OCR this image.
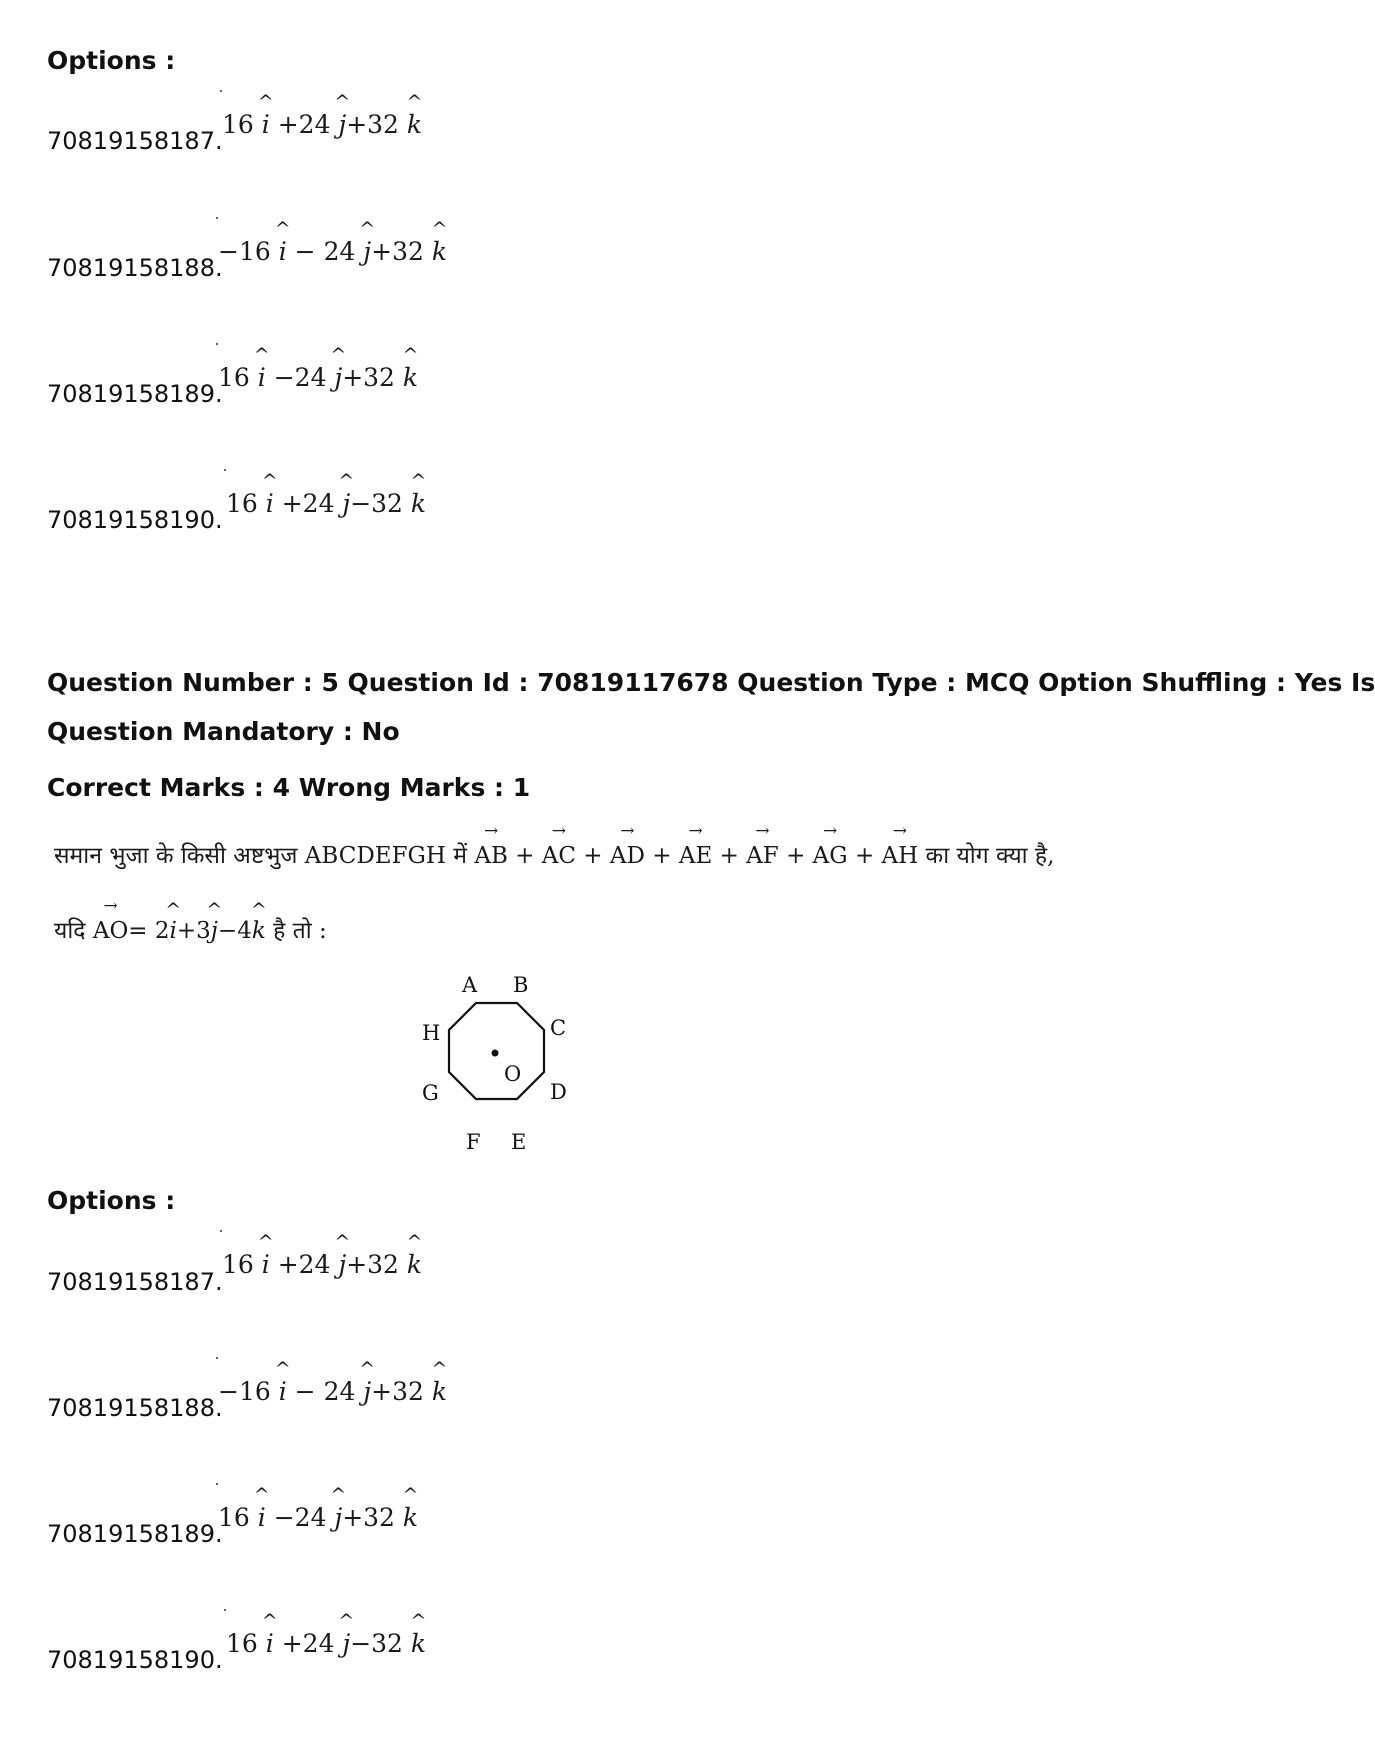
Options :
70819158187.
16 ^ i +24 ^ j+32 ^ k
70819158188.
−16 ^ i − 24 ^ j+32 ^ k
70819158189.
16 ^ i −24 ^ j+32 ^ k
70819158190.
16 ^ i +24 ^ j−32 ^ k
Question Number : 5 Question Id : 70819117678 Question Type : MCQ Option Shuffling : Yes Is
Question Mandatory : No
Correct Marks : 4 Wrong Marks : 1
समान भुजा के किसी अष्टभुज ABCDEFGH में → AB + → AC + → AD + → AE + → AF + → AG + → AH का योग क्या है,
यदि → AO= 2^ i+3^ j−4^ k है तो :
A B
C
D
E
F
G
H
O
Options :
70819158187.
16 ^ i +24 ^ j+32 ^ k
70819158188.
−16 ^ i − 24 ^ j+32 ^ k
70819158189.
16 ^ i −24 ^ j+32 ^ k
70819158190.
16 ^ i +24 ^ j−32 ^ k
